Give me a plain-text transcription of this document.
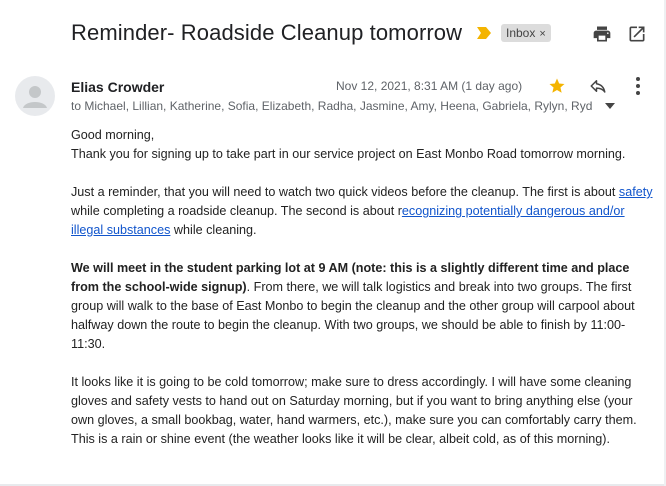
Reminder- Roadside Cleanup tomorrow	Inbox ×
Elias Crowder
to Michael, Lillian, Katherine, Sofia, Elizabeth, Radha, Jasmine, Amy, Heena, Gabriela, Rylyn, Ryd
Nov 12, 2021, 8:31 AM (1 day ago)

Good morning,
Thank you for signing up to take part in our service project on East Monbo Road tomorrow morning.

Just a reminder, that you will need to watch two quick videos before the cleanup. The first is about safety while completing a roadside cleanup. The second is about recognizing potentially dangerous and/or illegal substances while cleaning.

We will meet in the student parking lot at 9 AM (note: this is a slightly different time and place from the school-wide signup). From there, we will talk logistics and break into two groups. The first group will walk to the base of East Monbo to begin the cleanup and the other group will carpool about halfway down the route to begin the cleanup. With two groups, we should be able to finish by 11:00-11:30.

It looks like it is going to be cold tomorrow; make sure to dress accordingly. I will have some cleaning gloves and safety vests to hand out on Saturday morning, but if you want to bring anything else (your own gloves, a small bookbag, water, hand warmers, etc.), make sure you can comfortably carry them. This is a rain or shine event (the weather looks like it will be clear, albeit cold, as of this morning).
